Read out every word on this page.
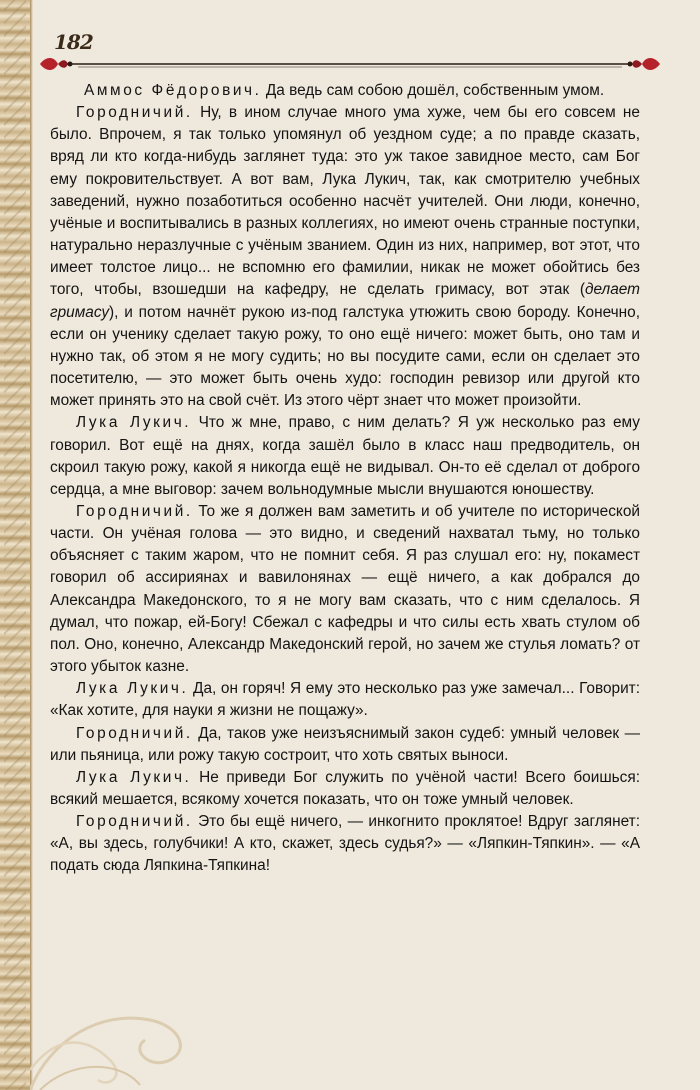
182

Аммос Фёдорович. Да ведь сам собою дошёл, собственным умом.

Городничий. Ну, в ином случае много ума хуже, чем бы его совсем не было. Впрочем, я так только упомянул об уездном суде; а по правде сказать, вряд ли кто когда-нибудь заглянет туда: это уж такое завидное место, сам Бог ему покровительствует. А вот вам, Лука Лукич, так, как смотрителю учебных заведений, нужно позаботиться особенно насчёт учителей. Они люди, конечно, учёные и воспитывались в разных коллегиях, но имеют очень странные поступки, натурально неразлучные с учёным званием. Один из них, например, вот этот, что имеет толстое лицо... не вспомню его фамилии, никак не может обойтись без того, чтобы, взошедши на кафедру, не сделать гримасу, вот этак (делает гримасу), и потом начнёт рукою из-под галстука утюжить свою бороду. Конечно, если он ученику сделает такую рожу, то оно ещё ничего: может быть, оно там и нужно так, об этом я не могу судить; но вы посудите сами, если он сделает это посетителю, — это может быть очень худо: господин ревизор или другой кто может принять это на свой счёт. Из этого чёрт знает что может произойти.

Лука Лукич. Что ж мне, право, с ним делать? Я уж несколько раз ему говорил. Вот ещё на днях, когда зашёл было в класс наш предводитель, он скроил такую рожу, какой я никогда ещё не видывал. Он-то её сделал от доброго сердца, а мне выговор: зачем вольнодумные мысли внушаются юношеству.

Городничий. То же я должен вам заметить и об учителе по исторической части. Он учёная голова — это видно, и сведений нахватал тьму, но только объясняет с таким жаром, что не помнит себя. Я раз слушал его: ну, покамест говорил об ассириянах и вавилонянах — ещё ничего, а как добрался до Александра Македонского, то я не могу вам сказать, что с ним сделалось. Я думал, что пожар, ей-Богу! Сбежал с кафедры и что силы есть хвать стулом об пол. Оно, конечно, Александр Македонский герой, но зачем же стулья ломать? от этого убыток казне.

Лука Лукич. Да, он горяч! Я ему это несколько раз уже замечал... Говорит: «Как хотите, для науки я жизни не пощажу».

Городничий. Да, таков уже неизъяснимый закон судеб: умный человек — или пьяница, или рожу такую состроит, что хоть святых выноси.

Лука Лукич. Не приведи Бог служить по учёной части! Всего боишься: всякий мешается, всякому хочется показать, что он тоже умный человек.

Городничий. Это бы ещё ничего, — инкогнито проклятое! Вдруг заглянет: «А, вы здесь, голубчики! А кто, скажет, здесь судья?» — «Ляпкин-Тяпкин». — «А подать сюда Ляпкина-Тяпкина!
